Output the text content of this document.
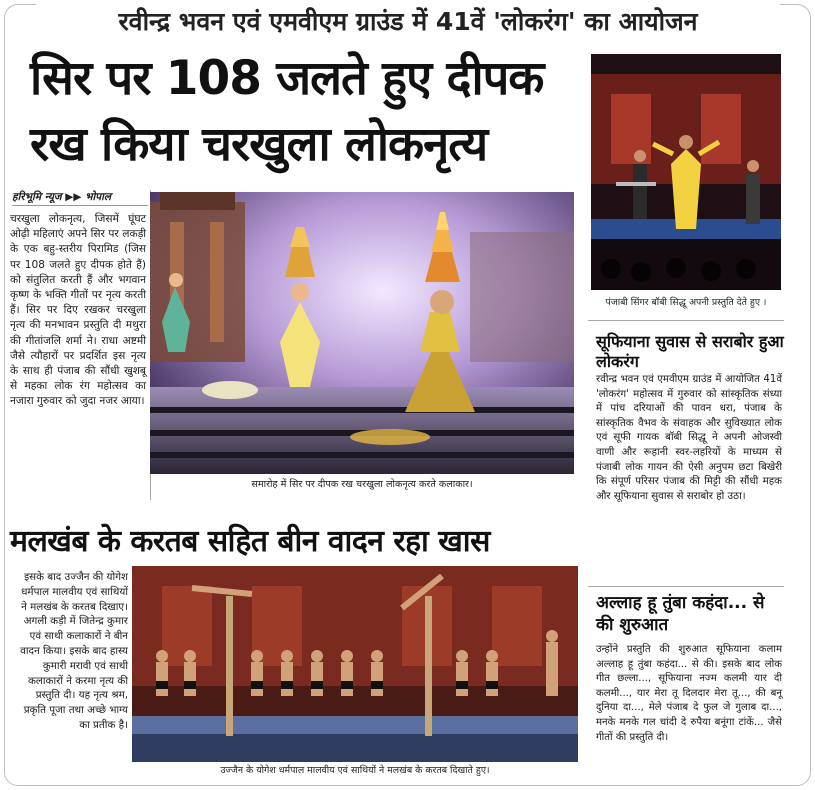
रवीन्द्र भवन एवं एमवीएम ग्राउंड में 41वें 'लोकरंग' का आयोजन
सिर पर 108 जलते हुए दीपक
रख किया चरखुला लोकनृत्य
हरिभूमि न्यूज ▶▶ भोपाल
चरखुला लोकनृत्य, जिसमें घूंघट ओढ़ी महिलाएं अपने सिर पर लकड़ी के एक बहु-स्तरीय पिरामिड (जिस पर 108 जलते हुए दीपक होते हैं) को संतुलित करती हैं और भगवान कृष्ण के भक्ति गीतों पर नृत्य करती हैं। सिर पर दिए रखकर चरखुला नृत्य की मनभावन प्रस्तुति दी मथुरा की गीतांजलि शर्मा ने। राधा अष्टमी जैसे त्यौहारों पर प्रदर्शित इस नृत्य के साथ ही पंजाब की सौंधी खुशबू से महका लोक रंग महोत्सव का नजारा गुरुवार को जुदा नजर आया।
समारोह में सिर पर दीपक रख चरखुला लोकनृत्य करते कलाकार।
पंजाबी सिंगर बॉबी सिद्धू अपनी प्रस्तुति देते हुए ।
सूफियाना सुवास से सराबोर हुआ लोकरंग
रवीन्द्र भवन एवं एमवीएम ग्राउंड में आयोजित 41वें 'लोकरंग' महोत्सव में गुरुवार को सांस्कृतिक संध्या में पांच दरियाओं की पावन धरा, पंजाब के सांस्कृतिक वैभव के संवाहक और सुविख्यात लोक एवं सूफी गायक बॉबी सिद्धू ने अपनी ओजस्वी वाणी और रूहानी स्वर-लहरियों के माध्यम से पंजाबी लोक गायन की ऐसी अनुपम छटा बिखेरी कि संपूर्ण परिसर पंजाब की मिट्टी की सौंधी महक और सूफियाना सुवास से सराबोर हो उठा।
मलखंब के करतब सहित बीन वादन रहा खास
इसके बाद उज्जैन की योगेश धर्मपाल मालवीय एवं साथियों ने मलखंब के करतब दिखाए। अगली कड़ी में जितेन्द्र कुमार एवं साथी कलाकारों ने बीन वादन किया। इसके बाद हास्य कुमारी मरावी एवं साथी कलाकारों ने करमा नृत्य की प्रस्तुति दी। यह नृत्य श्रम, प्रकृति पूजा तथा अच्छे भाग्य का प्रतीक है।
उज्जैन के योगेश धर्मपाल मालवीय एवं साथियों ने मलखंब के करतब दिखाते हुए।
अल्लाह हू तुंबा कहंदा... से की शुरुआत
उन्होंने प्रस्तुति की शुरुआत सूफियाना कलाम अल्लाह हू तुंबा कहंदा... से की। इसके बाद लोक गीत छल्ला..., सूफियाना नज्म कलमी यार दी कलमी..., यार मेरा तू दिलदार मेरा तू..., की बनू दुनिया दा..., मेले पंजाब दे फुल जे गुलाब दा..., मनके मनके गल चांदी दे रुपैया बनूंगा टांकें... जैसे गीतों की प्रस्तुति दी।
